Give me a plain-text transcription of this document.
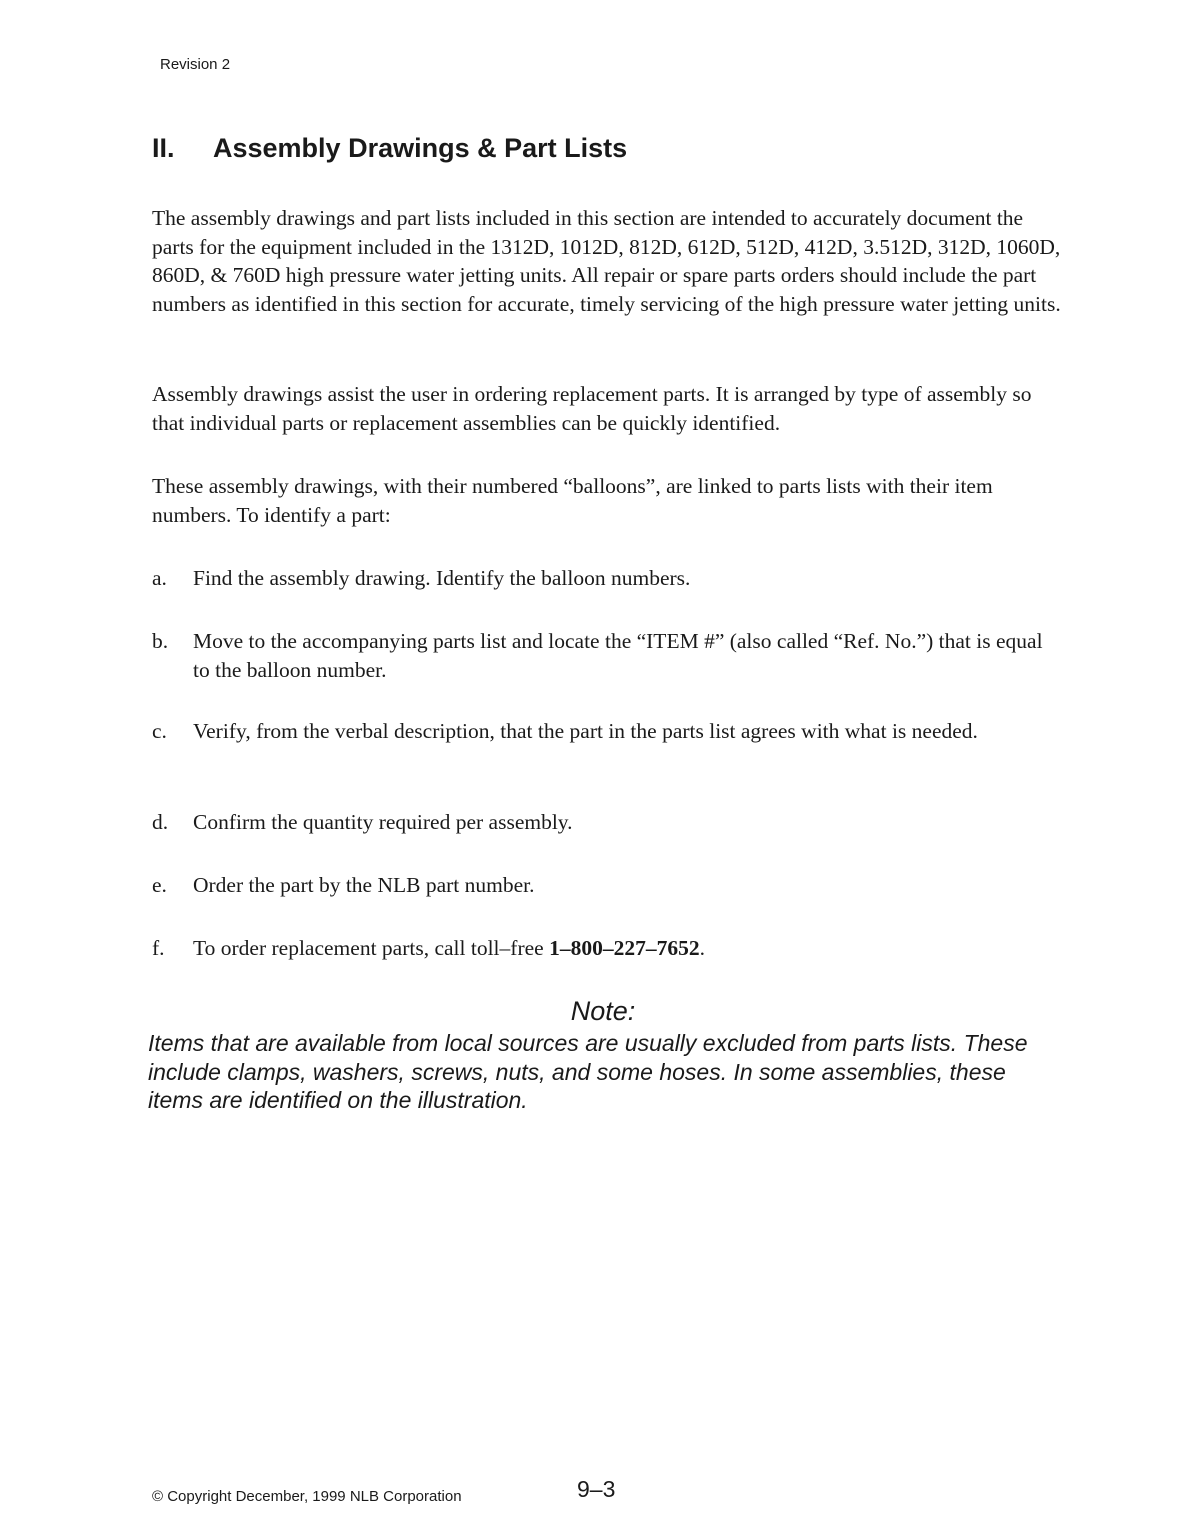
Revision 2
II. Assembly Drawings & Part Lists

The assembly drawings and part lists included in this section are intended to accurately document the parts for the equipment included in the 1312D, 1012D, 812D, 612D, 512D, 412D, 3.512D, 312D, 1060D, 860D, & 760D high pressure water jetting units. All repair or spare parts orders should include the part numbers as identified in this section for accurate, timely servicing of the high pressure water jetting units.

Assembly drawings assist the user in ordering replacement parts. It is arranged by type of assembly so that individual parts or replacement assemblies can be quickly identified.

These assembly drawings, with their numbered “balloons”, are linked to parts lists with their item numbers. To identify a part:

a.	Find the assembly drawing. Identify the balloon numbers.
b.	Move to the accompanying parts list and locate the “ITEM #” (also called “Ref. No.”) that is equal to the balloon number.
c.	Verify, from the verbal description, that the part in the parts list agrees with what is needed.
d.	Confirm the quantity required per assembly.
e.	Order the part by the NLB part number.
f.	To order replacement parts, call toll–free 1–800–227–7652.
Note:

Items that are available from local sources are usually excluded from parts lists. These include clamps, washers, screws, nuts, and some hoses. In some assemblies, these items are identified on the illustration.

© Copyright December, 1999 NLB Corporation	9–3
